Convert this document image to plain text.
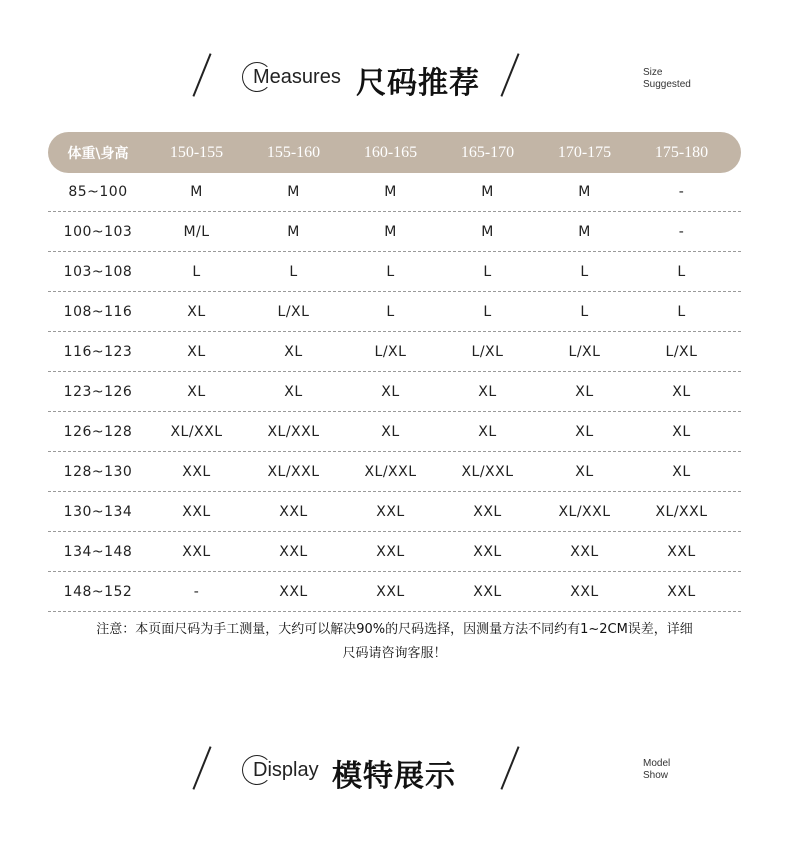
Measures 尺码推荐	Size
Suggested
体重\身高	150-155	155-160	160-165	165-170	170-175	175-180
85~100	M	M	M	M	M	-
100~103	M/L	M	M	M	M	-
103~108	L	L	L	L	L	L
108~116	XL	L/XL	L	L	L	L
116~123	XL	XL	L/XL	L/XL	L/XL	L/XL
123~126	XL	XL	XL	XL	XL	XL
126~128	XL/XXL	XL/XXL	XL	XL	XL	XL
128~130	XXL	XL/XXL	XL/XXL	XL/XXL	XL	XL
130~134	XXL	XXL	XXL	XXL	XL/XXL	XL/XXL
134~148	XXL	XXL	XXL	XXL	XXL	XXL
148~152	-	XXL	XXL	XXL	XXL	XXL
注意：本页面尺码为手工测量，大约可以解决90%的尺码选择，因测量方法不同约有1~2CM误差，详细
尺码请咨询客服！
Display 模特展示	Model
Show
